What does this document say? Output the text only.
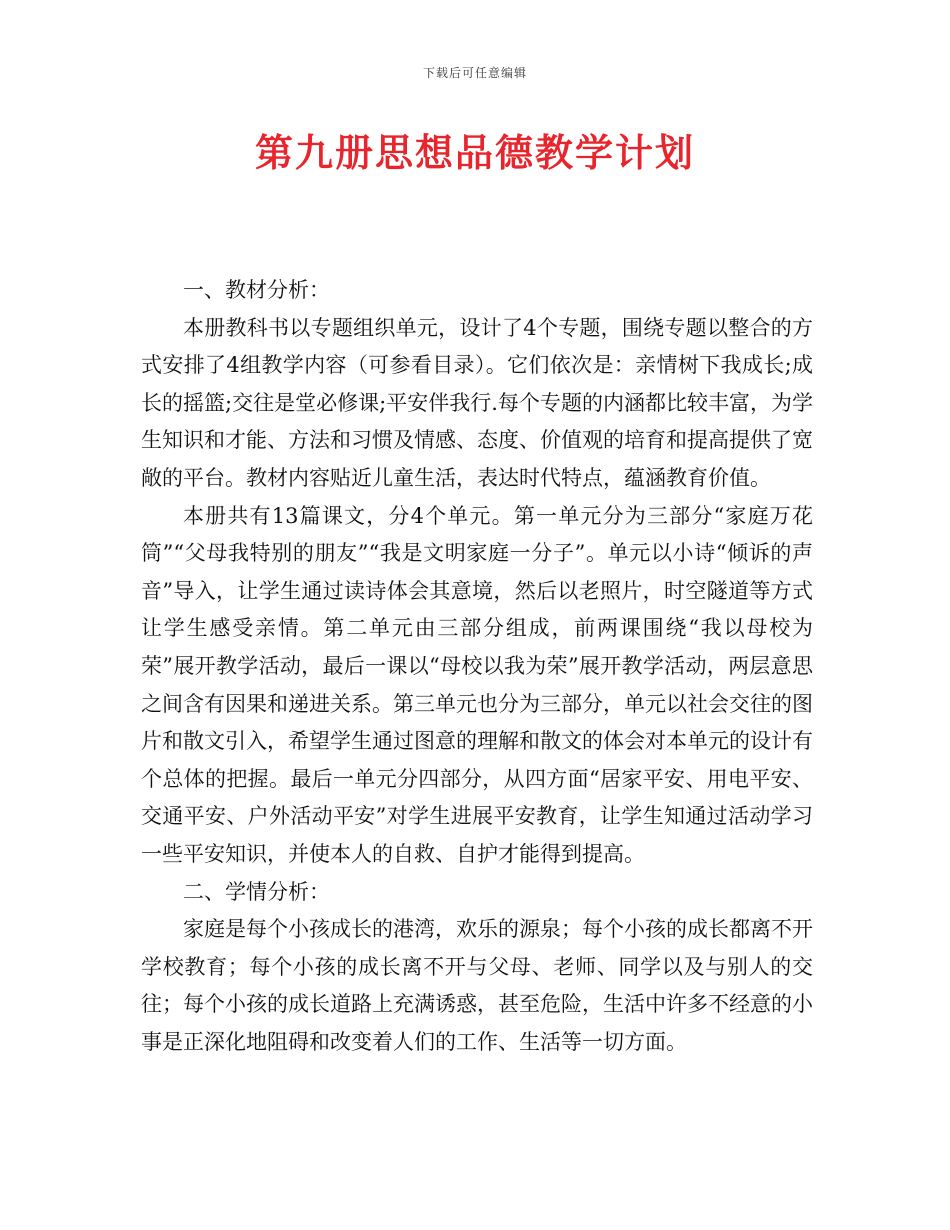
下载后可任意编辑
第九册思想品德教学计划

一、教材分析：

本册教科书以专题组织单元，设计了4个专题，围绕专题以整合的方式安排了4组教学内容（可参看目录）。它们依次是：亲情树下我成长;成长的摇篮;交往是堂必修课;平安伴我行.每个专题的内涵都比较丰富，为学生知识和才能、方法和习惯及情感、态度、价值观的培育和提高提供了宽敞的平台。教材内容贴近儿童生活，表达时代特点，蕴涵教育价值。

本册共有13篇课文，分4个单元。第一单元分为三部分“家庭万花筒”“父母我特别的朋友”“我是文明家庭一分子”。单元以小诗“倾诉的声音”导入，让学生通过读诗体会其意境，然后以老照片，时空隧道等方式让学生感受亲情。第二单元由三部分组成，前两课围绕“我以母校为荣”展开教学活动，最后一课以“母校以我为荣”展开教学活动，两层意思之间含有因果和递进关系。第三单元也分为三部分，单元以社会交往的图片和散文引入，希望学生通过图意的理解和散文的体会对本单元的设计有个总体的把握。最后一单元分四部分，从四方面“居家平安、用电平安、交通平安、户外活动平安”对学生进展平安教育，让学生知通过活动学习一些平安知识，并使本人的自救、自护才能得到提高。

二、学情分析：

家庭是每个小孩成长的港湾，欢乐的源泉；每个小孩的成长都离不开学校教育；每个小孩的成长离不开与父母、老师、同学以及与别人的交往；每个小孩的成长道路上充满诱惑，甚至危险，生活中许多不经意的小事是正深化地阻碍和改变着人们的工作、生活等一切方面。
